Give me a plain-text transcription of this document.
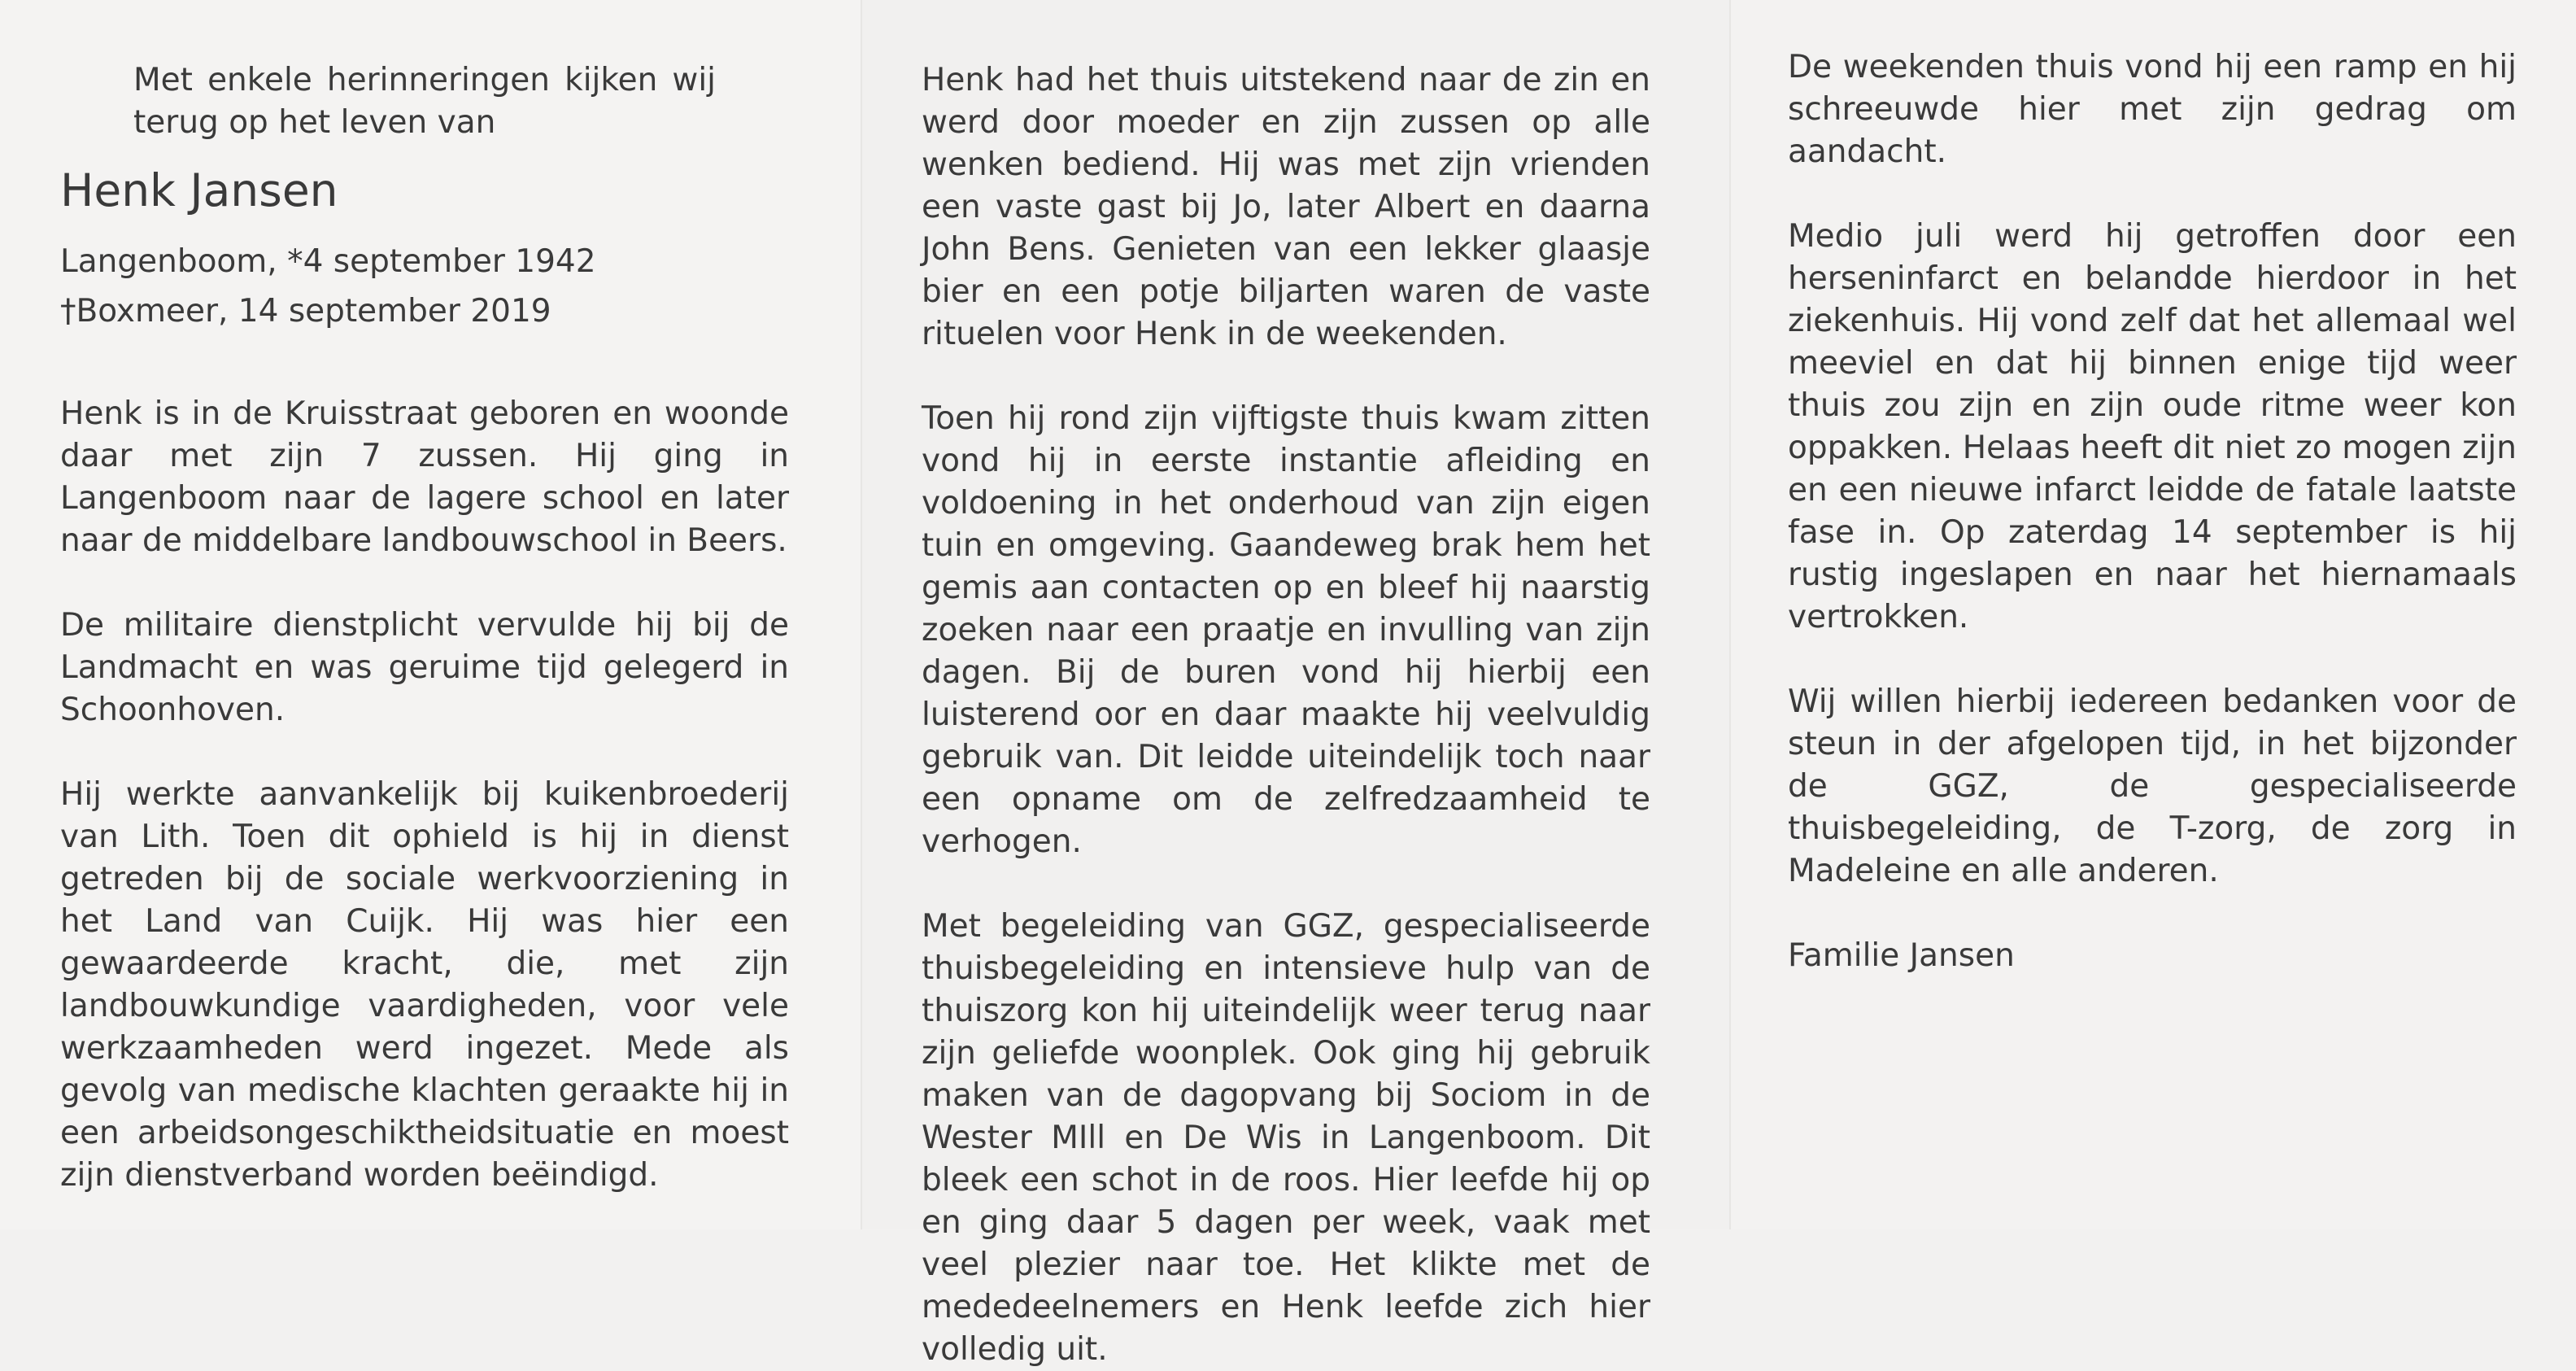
Met enkele herinneringen kijken wij terug op het leven van

Henk Jansen

Langenboom, *4 september 1942

†Boxmeer, 14 september 2019

Henk is in de Kruisstraat geboren en woonde daar met zijn 7 zussen. Hij ging in Langenboom naar de lagere school en later naar de middelbare landbouwschool in Beers.

De militaire dienstplicht vervulde hij bij de Landmacht en was geruime tijd gelegerd in Schoonhoven.

Hij werkte aanvankelijk bij kuikenbroederij van Lith. Toen dit ophield is hij in dienst getreden bij de sociale werkvoorziening in het Land van Cuijk. Hij was hier een gewaardeerde kracht, die, met zijn landbouwkundige vaardigheden, voor vele werkzaamheden werd ingezet. Mede als gevolg van medische klachten geraakte hij in een arbeidsongeschiktheidsituatie en moest zijn dienstverband worden beëindigd.

Henk had het thuis uitstekend naar de zin en werd door moeder en zijn zussen op alle wenken bediend. Hij was met zijn vrienden een vaste gast bij Jo, later Albert en daarna John Bens. Genieten van een lekker glaasje bier en een potje biljarten waren de vaste rituelen voor Henk in de weekenden.

Toen hij rond zijn vijftigste thuis kwam zitten vond hij in eerste instantie afleiding en voldoening in het onderhoud van zijn eigen tuin en omgeving. Gaandeweg brak hem het gemis aan contacten op en bleef hij naarstig zoeken naar een praatje en invulling van zijn dagen. Bij de buren vond hij hierbij een luisterend oor en daar maakte hij veelvuldig gebruik van. Dit leidde uiteindelijk toch naar een opname om de zelfredzaamheid te verhogen.

Met begeleiding van GGZ, gespecialiseerde thuisbegeleiding en intensieve hulp van de thuiszorg kon hij uiteindelijk weer terug naar zijn geliefde woonplek. Ook ging hij gebruik maken van de dagopvang bij Sociom in de Wester MIll en De Wis in Langenboom. Dit bleek een schot in de roos. Hier leefde hij op en ging daar 5 dagen per week, vaak met veel plezier naar toe. Het klikte met de mededeelnemers en Henk leefde zich hier volledig uit.

De weekenden thuis vond hij een ramp en hij schreeuwde hier met zijn gedrag om aandacht.

Medio juli werd hij getroffen door een herseninfarct en belandde hierdoor in het ziekenhuis. Hij vond zelf dat het allemaal wel meeviel en dat hij binnen enige tijd weer thuis zou zijn en zijn oude ritme weer kon oppakken. Helaas heeft dit niet zo mogen zijn en een nieuwe infarct leidde de fatale laatste fase in. Op zaterdag 14 september is hij rustig ingeslapen en naar het hiernamaals vertrokken.

Wij willen hierbij iedereen bedanken voor de steun in der afgelopen tijd, in het bijzonder de GGZ, de gespecialiseerde thuisbegeleiding, de T-zorg, de zorg in Madeleine en alle anderen.

Familie Jansen
